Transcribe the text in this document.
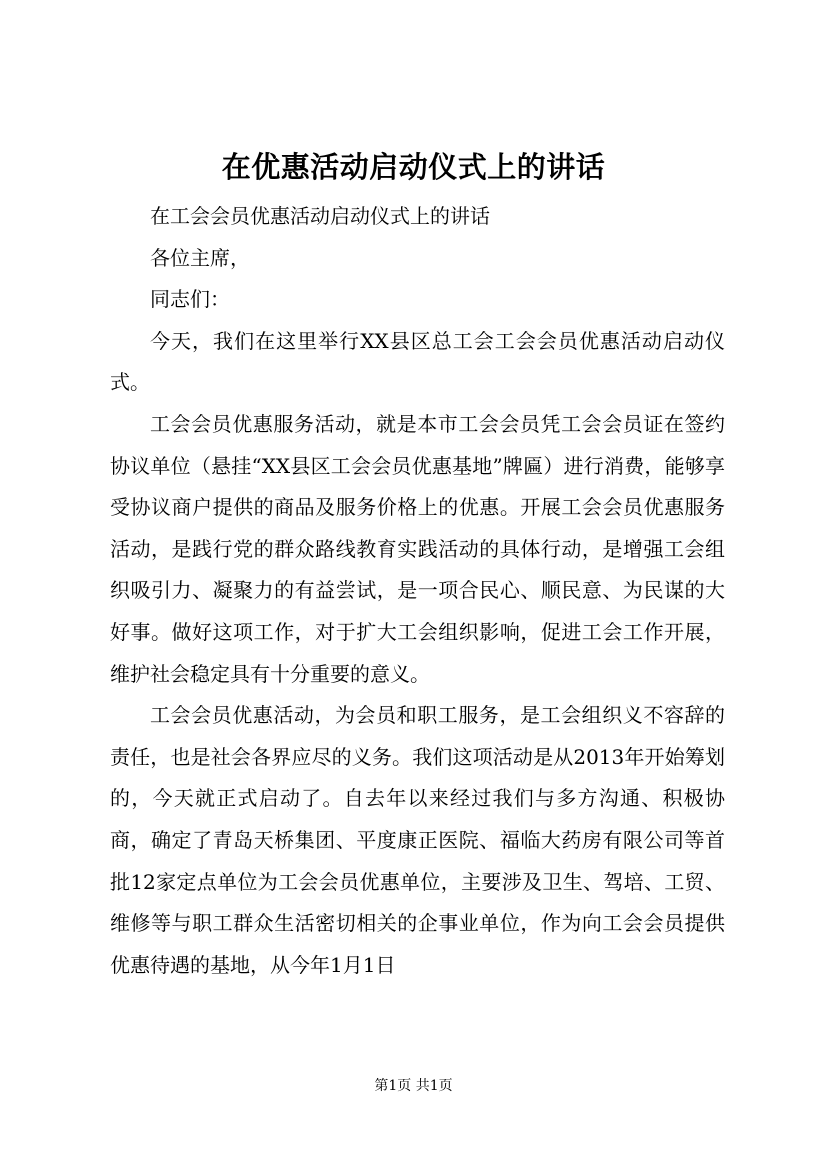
在优惠活动启动仪式上的讲话

在工会会员优惠活动启动仪式上的讲话

各位主席，

同志们：

今天，我们在这里举行XX县区总工会工会会员优惠活动启动仪式。

工会会员优惠服务活动，就是本市工会会员凭工会会员证在签约协议单位（悬挂“XX县区工会会员优惠基地”牌匾）进行消费，能够享受协议商户提供的商品及服务价格上的优惠。开展工会会员优惠服务活动，是践行党的群众路线教育实践活动的具体行动，是增强工会组织吸引力、凝聚力的有益尝试，是一项合民心、顺民意、为民谋的大好事。做好这项工作，对于扩大工会组织影响，促进工会工作开展，维护社会稳定具有十分重要的意义。

工会会员优惠活动，为会员和职工服务，是工会组织义不容辞的责任，也是社会各界应尽的义务。我们这项活动是从2013年开始筹划的，今天就正式启动了。自去年以来经过我们与多方沟通、积极协商，确定了青岛天桥集团、平度康正医院、福临大药房有限公司等首批12家定点单位为工会会员优惠单位，主要涉及卫生、驾培、工贸、维修等与职工群众生活密切相关的企事业单位，作为向工会会员提供优惠待遇的基地，从今年1月1日

第1页 共1页
